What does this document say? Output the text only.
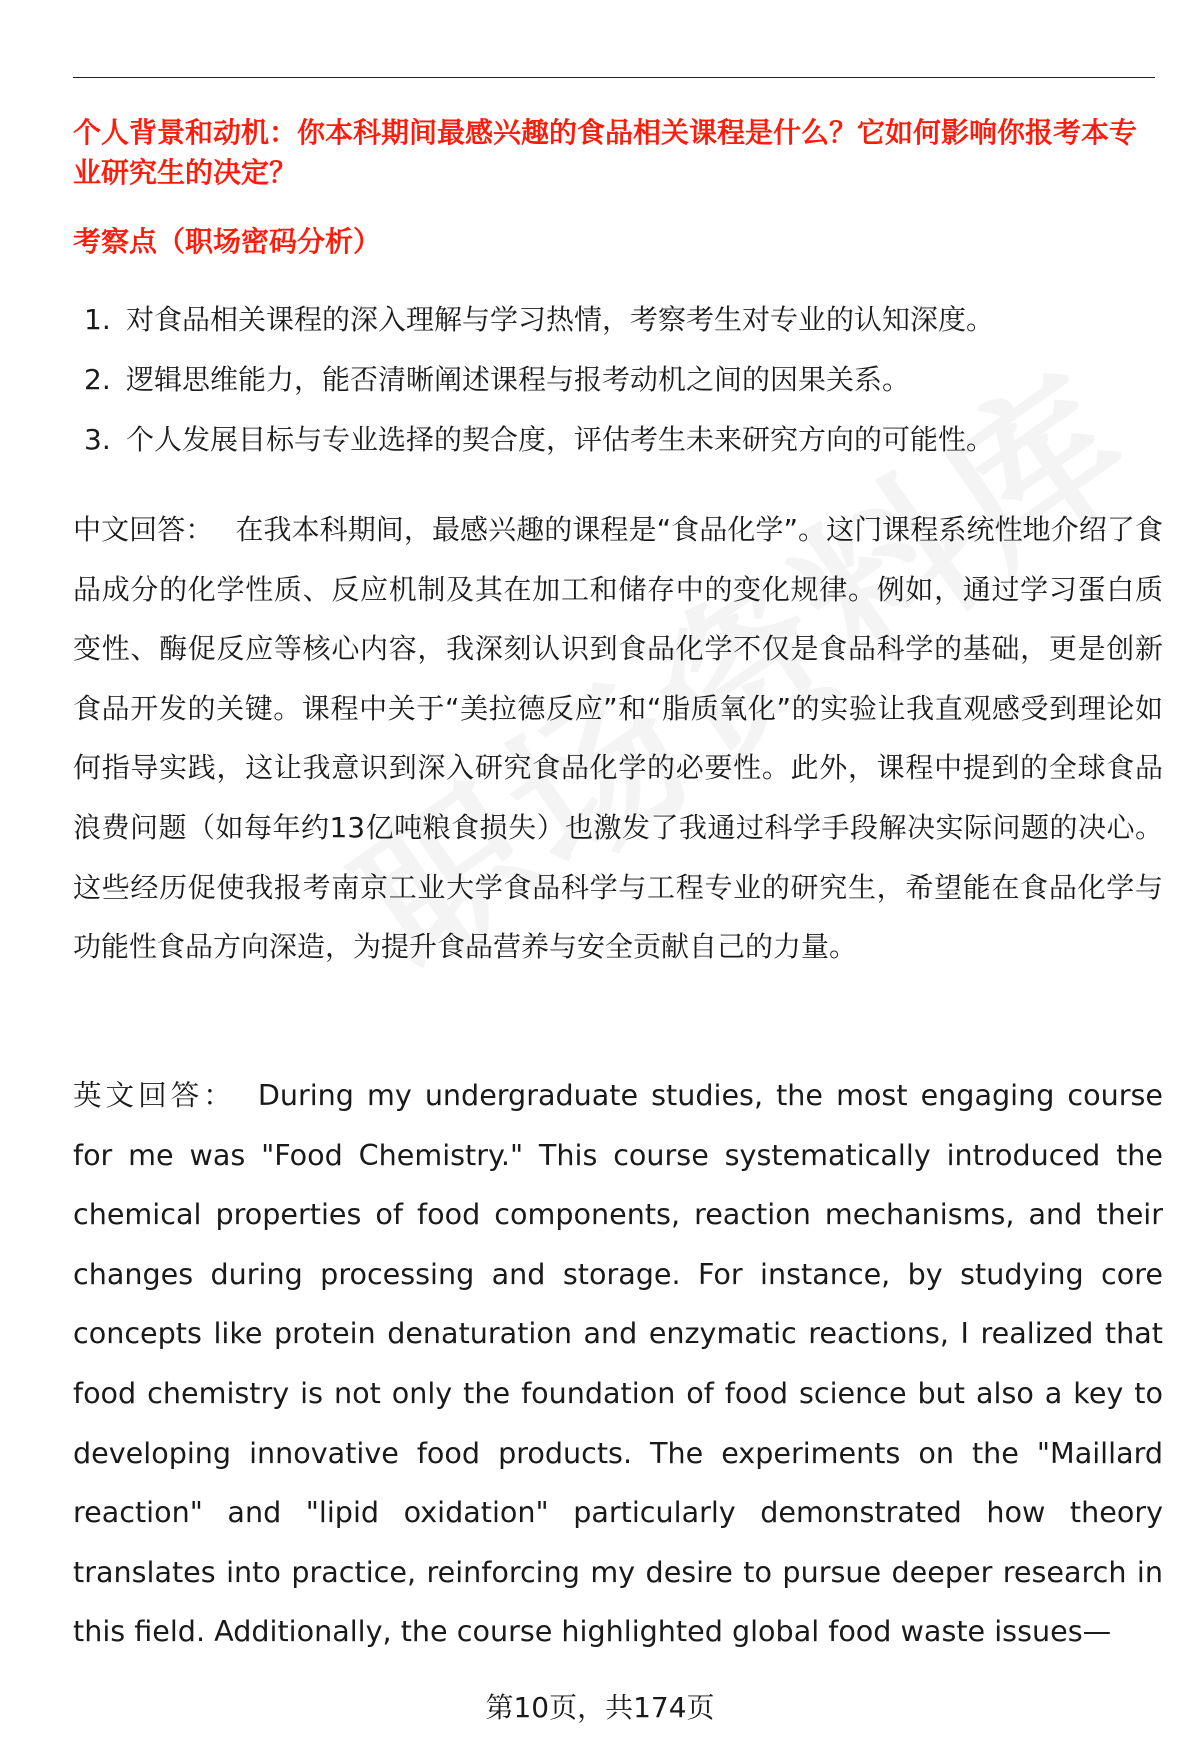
个人背景和动机：你本科期间最感兴趣的食品相关课程是什么？它如何影响你报考本专业研究生的决定？
考察点（职场密码分析）
1. 对食品相关课程的深入理解与学习热情，考察考生对专业的认知深度。
2. 逻辑思维能力，能否清晰阐述课程与报考动机之间的因果关系。
3. 个人发展目标与专业选择的契合度，评估考生未来研究方向的可能性。
中文回答： 在我本科期间，最感兴趣的课程是“食品化学”。这门课程系统性地介绍了食品成分的化学性质、反应机制及其在加工和储存中的变化规律。例如，通过学习蛋白质变性、酶促反应等核心内容，我深刻认识到食品化学不仅是食品科学的基础，更是创新食品开发的关键。课程中关于“美拉德反应”和“脂质氧化”的实验让我直观感受到理论如何指导实践，这让我意识到深入研究食品化学的必要性。此外，课程中提到的全球食品浪费问题（如每年约13亿吨粮食损失）也激发了我通过科学手段解决实际问题的决心。这些经历促使我报考南京工业大学食品科学与工程专业的研究生，希望能在食品化学与功能性食品方向深造，为提升食品营养与安全贡献自己的力量。
英文回答： During my undergraduate studies, the most engaging course for me was "Food Chemistry." This course systematically introduced the chemical properties of food components, reaction mechanisms, and their changes during processing and storage. For instance, by studying core concepts like protein denaturation and enzymatic reactions, I realized that food chemistry is not only the foundation of food science but also a key to developing innovative food products. The experiments on the "Maillard reaction" and "lipid oxidation" particularly demonstrated how theory translates into practice, reinforcing my desire to pursue deeper research in this field. Additionally, the course highlighted global food waste issues—
第10页，共174页
